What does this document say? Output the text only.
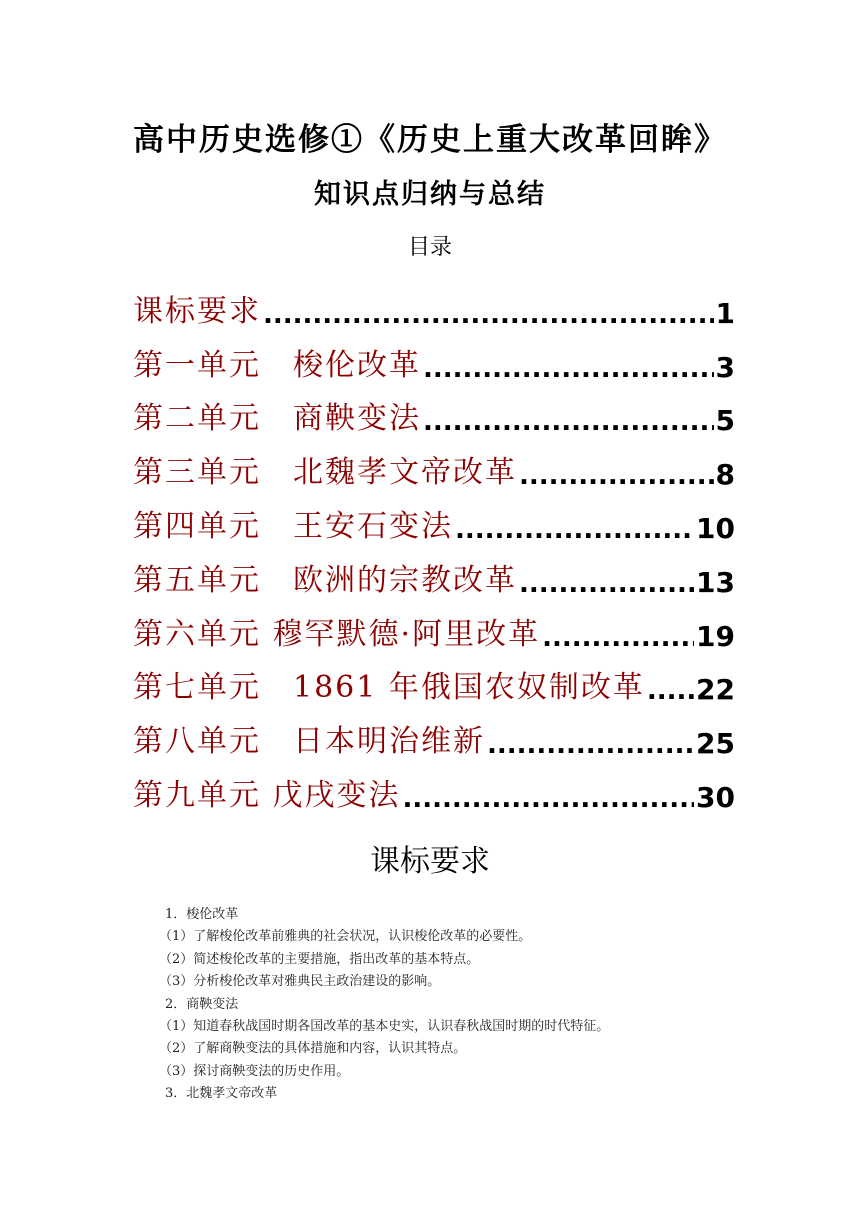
高中历史选修①《历史上重大改革回眸》
知识点归纳与总结
目录
课标要求 .....	1
第一单元　梭伦改革 .....	3
第二单元　商鞅变法 .....	5
第三单元　北魏孝文帝改革 .....	8
第四单元　王安石变法 .....	10
第五单元　欧洲的宗教改革 .....	13
第六单元 穆罕默德·阿里改革 .....	19
第七单元　1861 年俄国农奴制改革 ..... 22
第八单元　日本明治维新 .....	25
第九单元 戊戌变法 .....	30
课标要求
1．梭伦改革
（1）了解梭伦改革前雅典的社会状况，认识梭伦改革的必要性。
（2）简述梭伦改革的主要措施，指出改革的基本特点。
（3）分析梭伦改革对雅典民主政治建设的影响。
2．商鞅变法
（1）知道春秋战国时期各国改革的基本史实，认识春秋战国时期的时代特征。
（2）了解商鞅变法的具体措施和内容，认识其特点。
（3）探讨商鞅变法的历史作用。
3．北魏孝文帝改革
